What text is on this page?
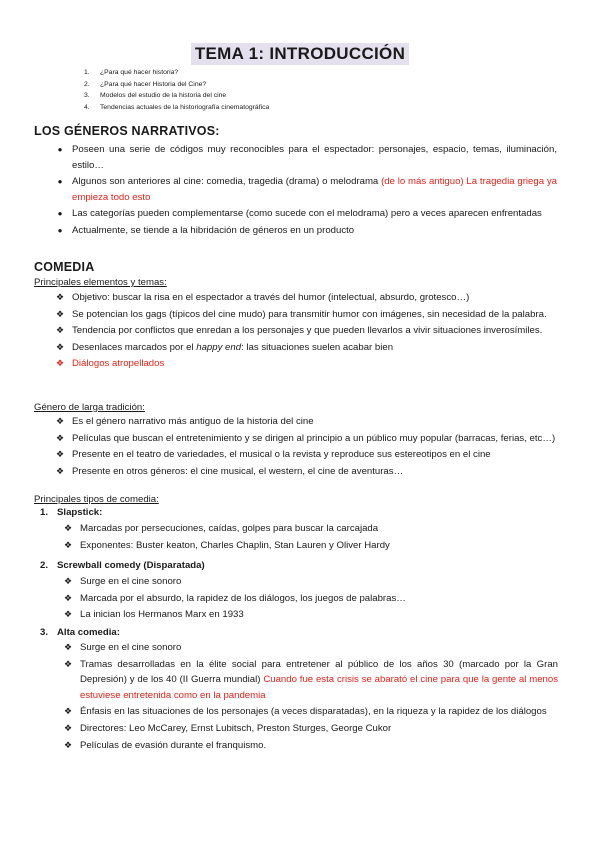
TEMA 1: INTRODUCCIÓN
1. ¿Para qué hacer historia?
2. ¿Para qué hacer Historia del Cine?
3. Modelos del estudio de la historia del cine
4. Tendencias actuales de la historiografía cinematográfica
LOS GÉNEROS NARRATIVOS:
● Poseen una serie de códigos muy reconocibles para el espectador: personajes, espacio, temas, iluminación, estilo…
● Algunos son anteriores al cine: comedia, tragedia (drama) o melodrama (de lo más antiguo) La tragedia griega ya empieza todo esto
● Las categorías pueden complementarse (como sucede con el melodrama) pero a veces aparecen enfrentadas
● Actualmente, se tiende a la hibridación de géneros en un producto
COMEDIA
Principales elementos y temas:
❖ Objetivo: buscar la risa en el espectador a través del humor (intelectual, absurdo, grotesco…)
❖ Se potencian los gags (típicos del cine mudo) para transmitir humor con imágenes, sin necesidad de la palabra.
❖ Tendencia por conflictos que enredan a los personajes y que pueden llevarlos a vivir situaciones inverosímiles.
❖ Desenlaces marcados por el happy end: las situaciones suelen acabar bien
❖ Diálogos atropellados
Género de larga tradición:
❖ Es el género narrativo más antiguo de la historia del cine
❖ Películas que buscan el entretenimiento y se dirigen al principio a un público muy popular (barracas, ferias, etc…)
❖ Presente en el teatro de variedades, el musical o la revista y reproduce sus estereotipos en el cine
❖ Presente en otros géneros: el cine musical, el western, el cine de aventuras…
Principales tipos de comedia:
1. Slapstick:
❖ Marcadas por persecuciones, caídas, golpes para buscar la carcajada
❖ Exponentes: Buster keaton, Charles Chaplin, Stan Lauren y Oliver Hardy
2. Screwball comedy (Disparatada)
❖ Surge en el cine sonoro
❖ Marcada por el absurdo, la rapidez de los diálogos, los juegos de palabras…
❖ La inician los Hermanos Marx en 1933
3. Alta comedia:
❖ Surge en el cine sonoro
❖ Tramas desarrolladas en la élite social para entretener al público de los años 30 (marcado por la Gran Depresión) y de los 40 (II Guerra mundial) Cuando fue esta crisis se abarató el cine para que la gente al menos estuviese entretenida como en la pandemia
❖ Énfasis en las situaciones de los personajes (a veces disparatadas), en la riqueza y la rapidez de los diálogos
❖ Directores: Leo McCarey, Ernst Lubitsch, Preston Sturges, George Cukor
❖ Películas de evasión durante el franquismo.
